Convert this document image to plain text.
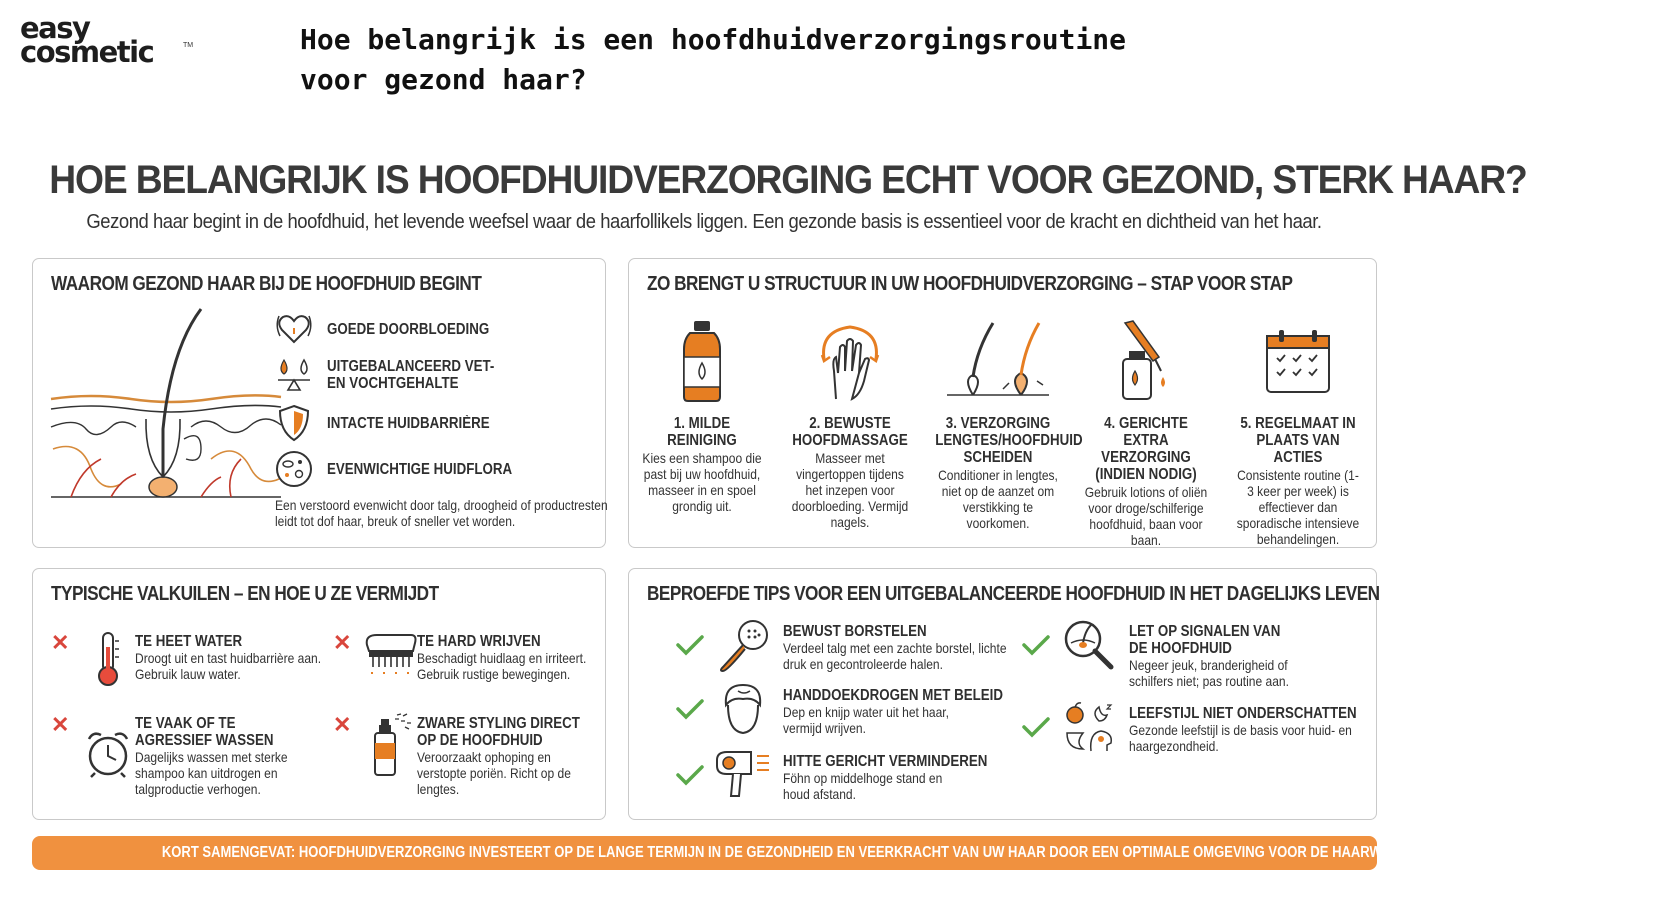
easy
cosmetic	TM	Hoe belangrijk is een hoofdhuidverzorgingsroutine voor gezond haar?
HOE BELANGRIJK IS HOOFDHUIDVERZORGING ECHT VOOR GEZOND, STERK HAAR?
Gezond haar begint in de hoofdhuid, het levende weefsel waar de haarfollikels liggen. Een gezonde basis is essentieel voor de kracht en dichtheid van het haar.
WAAROM GEZOND HAAR BIJ DE HOOFDHUID BEGINT
GOEDE DOORBLOEDING
UITGEBALANCEERD VET- EN VOCHTGEHALTE
INTACTE HUIDBARRIÈRE
EVENWICHTIGE HUIDFLORA
Een verstoord evenwicht door talg, droogheid of productresten leidt tot dof haar, breuk of sneller vet worden.
ZO BRENGT U STRUCTUUR IN UW HOOFDHUIDVERZORGING – STAP VOOR STAP
1. MILDE REINIGING
Kies een shampoo die past bij uw hoofdhuid, masseer in en spoel grondig uit.
2. BEWUSTE HOOFDMASSAGE
Masseer met vingertoppen tijdens het inzepen voor doorbloeding. Vermijd nagels.
3. VERZORGING LENGTES/HOOFDHUID SCHEIDEN
Conditioner in lengtes, niet op de aanzet om verstikking te voorkomen.
4. GERICHTE EXTRA VERZORGING (INDIEN NODIG)
Gebruik lotions of oliën voor droge/schilferige hoofdhuid, baan voor baan.
5. REGELMAAT IN PLAATS VAN ACTIES
Consistente routine (1-3 keer per week) is effectiever dan sporadische intensieve behandelingen.
TYPISCHE VALKUILEN – EN HOE U ZE VERMIJDT
✕	TE HEET WATER
Droogt uit en tast huidbarrière aan. Gebruik lauw water.
✕	TE HARD WRIJVEN
Beschadigt huidlaag en irriteert. Gebruik rustige bewegingen.
✕	TE VAAK OF TE AGRESSIEF WASSEN
Dagelijks wassen met sterke shampoo kan uitdrogen en talgproductie verhogen.
✕	ZWARE STYLING DIRECT OP DE HOOFDHUID
Veroorzaakt ophoping en verstopte poriën. Richt op de lengtes.
BEPROEFDE TIPS VOOR EEN UITGEBALANCEERDE HOOFDHUID IN HET DAGELIJKS LEVEN
BEWUST BORSTELEN
Verdeel talg met een zachte borstel, lichte druk en gecontroleerde halen.
HANDDOEKDROGEN MET BELEID
Dep en knijp water uit het haar, vermijd wrijven.
HITTE GERICHT VERMINDEREN
Föhn op middelhoge stand en houd afstand.
LET OP SIGNALEN VAN DE HOOFDHUID
Negeer jeuk, branderigheid of schilfers niet; pas routine aan.
LEEFSTIJL NIET ONDERSCHATTEN
Gezonde leefstijl is de basis voor huid- en haargezondheid.
KORT SAMENGEVAT: HOOFDHUIDVERZORGING INVESTEERT OP DE LANGE TERMIJN IN DE GEZONDHEID EN VEERKRACHT VAN UW HAAR DOOR EEN OPTIMALE OMGEVING VOOR DE HAARWORTELS TE CREËREN.
